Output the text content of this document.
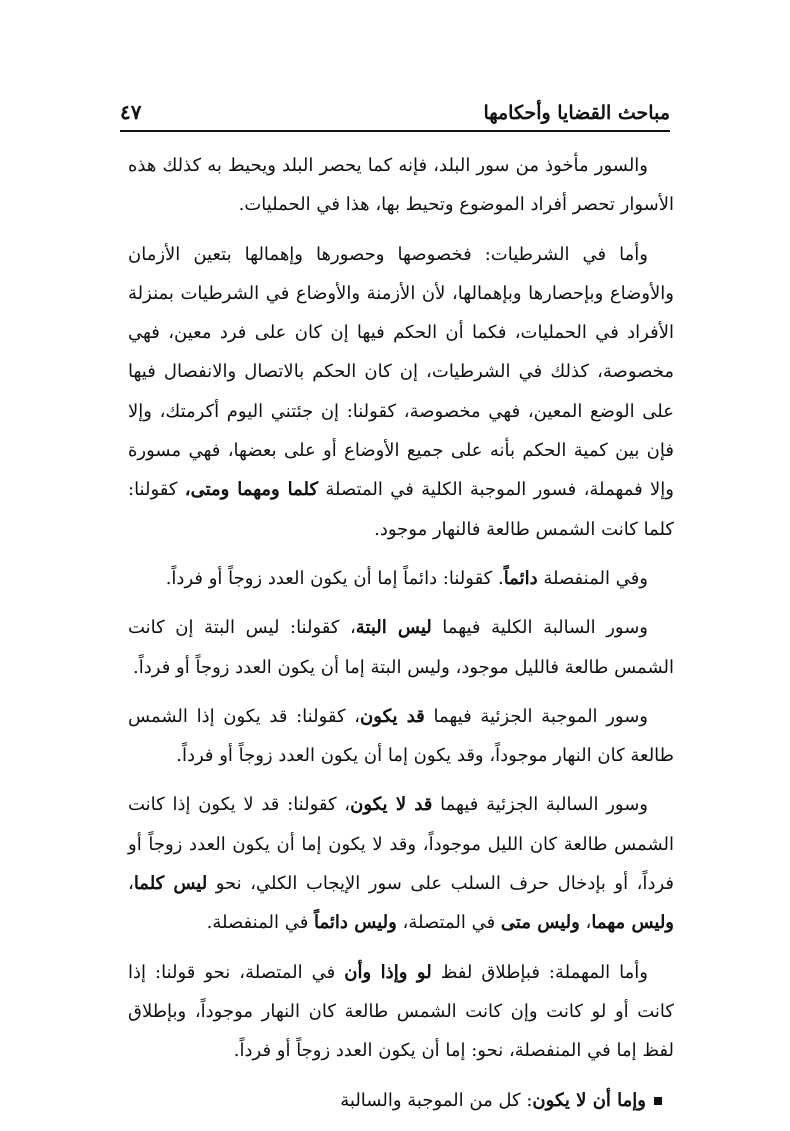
مباحث القضايا وأحكامها
٤٧

والسور مأخوذ من سور البلد، فإنه كما يحصر البلد ويحيط به كذلك هذه الأسوار تحصر أفراد الموضوع وتحيط بها، هذا في الحمليات.

وأما في الشرطيات: فخصوصها وحصورها وإهمالها بتعين الأزمان والأوضاع وبإحصارها وبإهمالها، لأن الأزمنة والأوضاع في الشرطيات بمنزلة الأفراد في الحمليات، فكما أن الحكم فيها إن كان على فرد معين، فهي مخصوصة، كذلك في الشرطيات، إن كان الحكم بالاتصال والانفصال فيها على الوضع المعين، فهي مخصوصة، كقولنا: إن جئتني اليوم أكرمتك، وإلا فإن بين كمية الحكم بأنه على جميع الأوضاع أو على بعضها، فهي مسورة وإلا فمهملة، فسور الموجبة الكلية في المتصلة كلما ومهما ومتى، كقولنا: كلما كانت الشمس طالعة فالنهار موجود.

وفي المنفصلة دائماً. كقولنا: دائماً إما أن يكون العدد زوجاً أو فرداً.

وسور السالبة الكلية فيهما ليس البتة، كقولنا: ليس البتة إن كانت الشمس طالعة فالليل موجود، وليس البتة إما أن يكون العدد زوجاً أو فرداً.

وسور الموجبة الجزئية فيهما قد يكون، كقولنا: قد يكون إذا الشمس طالعة كان النهار موجوداً، وقد يكون إما أن يكون العدد زوجاً أو فرداً.

وسور السالبة الجزئية فيهما قد لا يكون، كقولنا: قد لا يكون إذا كانت الشمس طالعة كان الليل موجوداً، وقد لا يكون إما أن يكون العدد زوجاً أو فرداً، أو بإدخال حرف السلب على سور الإيجاب الكلي، نحو ليس كلما، وليس مهما، وليس متى في المتصلة، وليس دائماً في المنفصلة.

وأما المهملة: فبإطلاق لفظ لو وإذا وأن في المتصلة، نحو قولنا: إذا كانت أو لو كانت وإن كانت الشمس طالعة كان النهار موجوداً، وبإطلاق لفظ إما في المنفصلة، نحو: إما أن يكون العدد زوجاً أو فرداً.

وإما أن لا يكون: كل من الموجبة والسالبة
